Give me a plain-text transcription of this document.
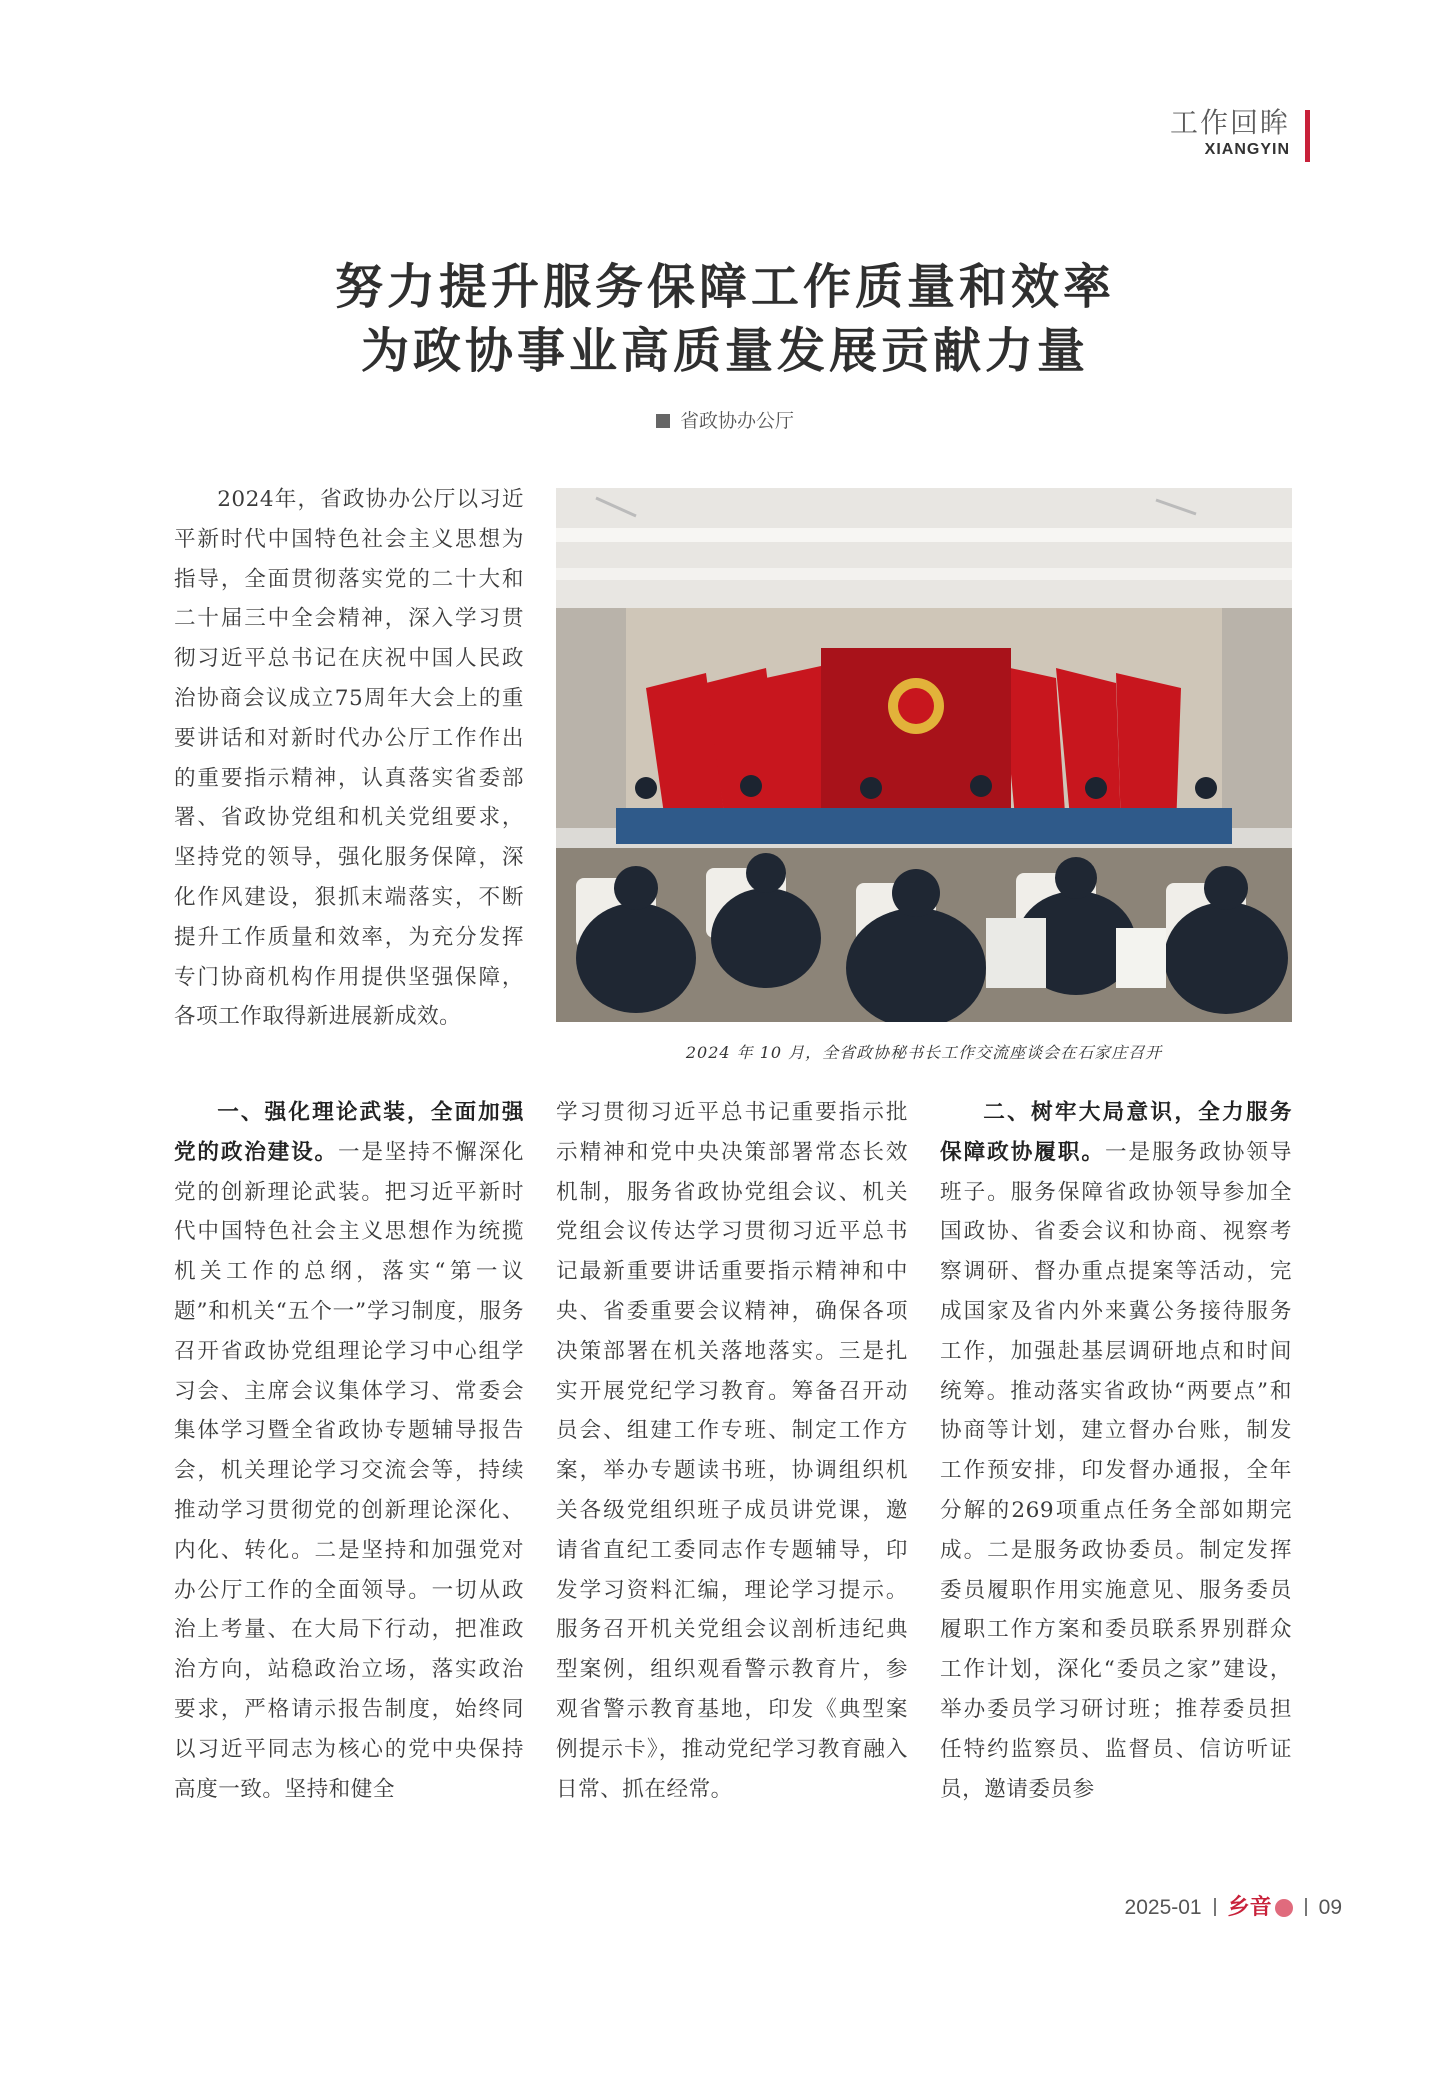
工作回眸
XIANGYIN
努力提升服务保障工作质量和效率
为政协事业高质量发展贡献力量
省政协办公厅

2024年，省政协办公厅以习近平新时代中国特色社会主义思想为指导，全面贯彻落实党的二十大和二十届三中全会精神，深入学习贯彻习近平总书记在庆祝中国人民政治协商会议成立75周年大会上的重要讲话和对新时代办公厅工作作出的重要指示精神，认真落实省委部署、省政协党组和机关党组要求，坚持党的领导，强化服务保障，深化作风建设，狠抓末端落实，不断提升工作质量和效率，为充分发挥专门协商机构作用提供坚强保障，各项工作取得新进展新成效。

2024 年 10 月，全省政协秘书长工作交流座谈会在石家庄召开

一、强化理论武装，全面加强党的政治建设。一是坚持不懈深化党的创新理论武装。把习近平新时代中国特色社会主义思想作为统揽机关工作的总纲，落实“第一议题”和机关“五个一”学习制度，服务召开省政协党组理论学习中心组学习会、主席会议集体学习、常委会集体学习暨全省政协专题辅导报告会，机关理论学习交流会等，持续推动学习贯彻党的创新理论深化、内化、转化。二是坚持和加强党对办公厅工作的全面领导。一切从政治上考量、在大局下行动，把准政治方向，站稳政治立场，落实政治要求，严格请示报告制度，始终同以习近平同志为核心的党中央保持高度一致。坚持和健全

学习贯彻习近平总书记重要指示批示精神和党中央决策部署常态长效机制，服务省政协党组会议、机关党组会议传达学习贯彻习近平总书记最新重要讲话重要指示精神和中央、省委重要会议精神，确保各项决策部署在机关落地落实。三是扎实开展党纪学习教育。筹备召开动员会、组建工作专班、制定工作方案，举办专题读书班，协调组织机关各级党组织班子成员讲党课，邀请省直纪工委同志作专题辅导，印发学习资料汇编，理论学习提示。服务召开机关党组会议剖析违纪典型案例，组织观看警示教育片，参观省警示教育基地，印发《典型案例提示卡》，推动党纪学习教育融入日常、抓在经常。

二、树牢大局意识，全力服务保障政协履职。一是服务政协领导班子。服务保障省政协领导参加全国政协、省委会议和协商、视察考察调研、督办重点提案等活动，完成国家及省内外来冀公务接待服务工作，加强赴基层调研地点和时间统筹。推动落实省政协“两要点”和协商等计划，建立督办台账，制发工作预安排，印发督办通报，全年分解的269项重点任务全部如期完成。二是服务政协委员。制定发挥委员履职作用实施意见、服务委员履职工作方案和委员联系界别群众工作计划，深化“委员之家”建设，举办委员学习研讨班；推荐委员担任特约监察员、监督员、信访听证员，邀请委员参

2025-01 乡音 09
